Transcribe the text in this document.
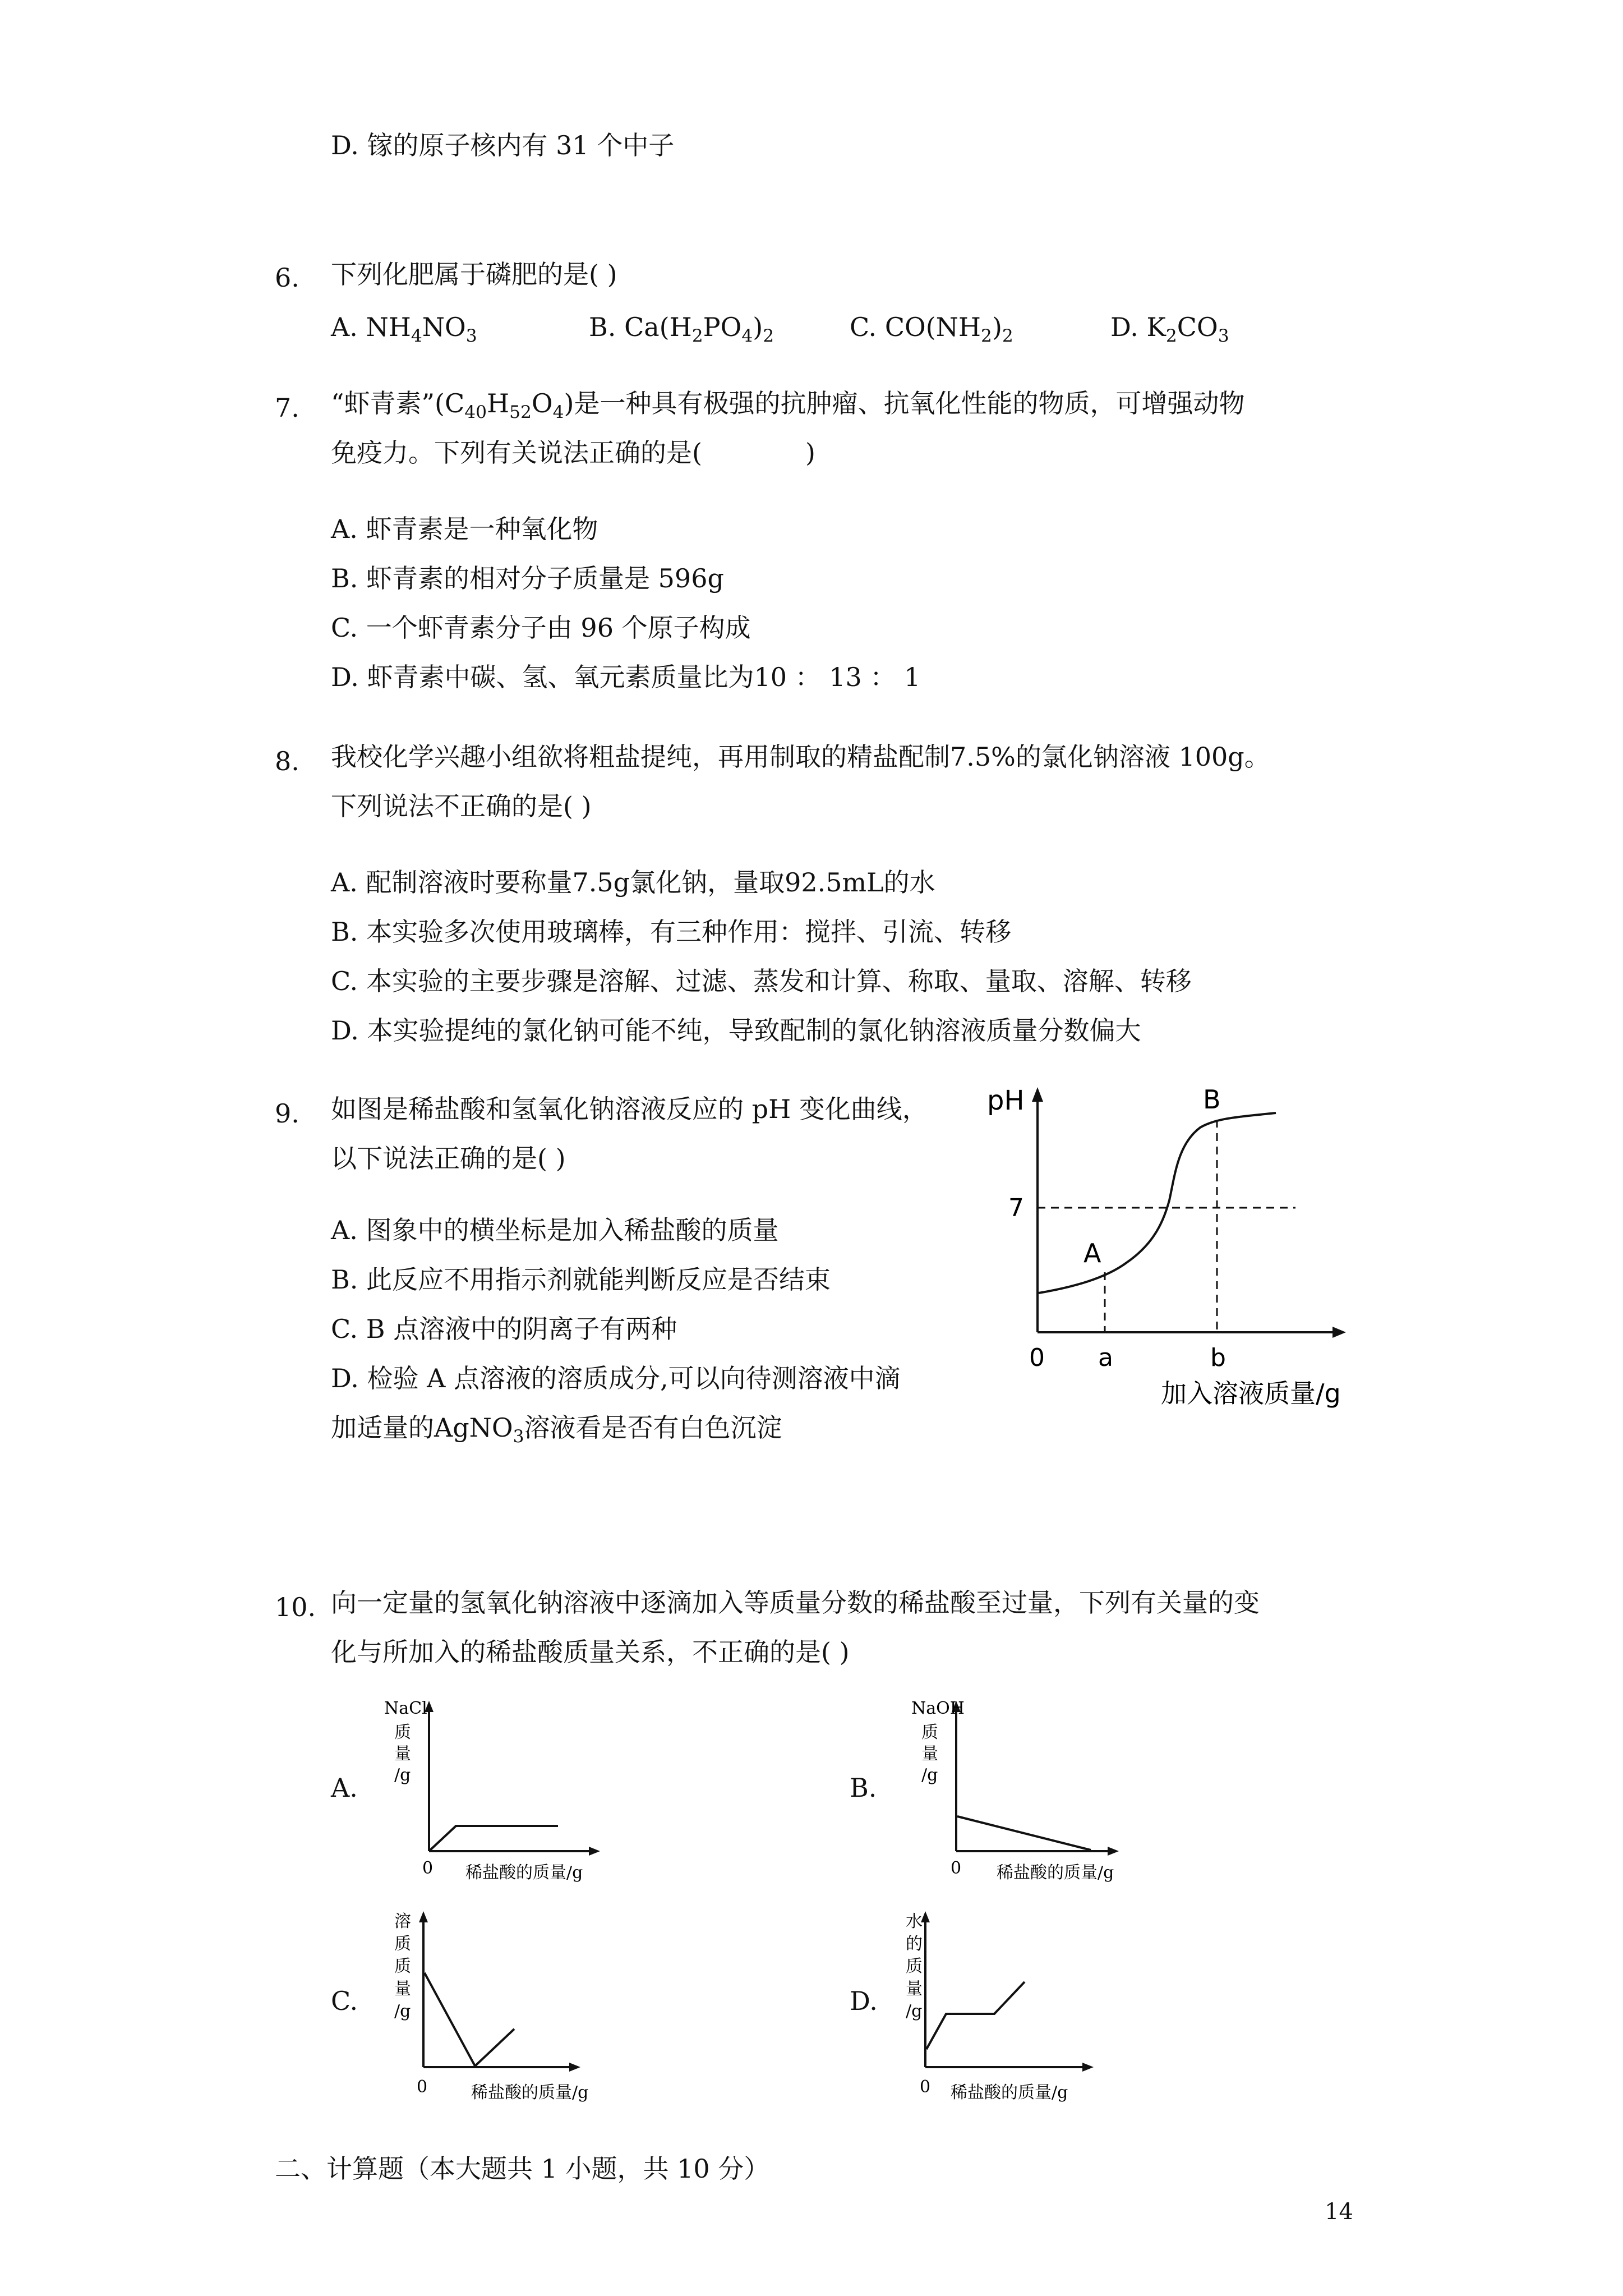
D. 镓的原子核内有 31 个中子
6. 下列化肥属于磷肥的是( )
A. $NH_4NO_3$	B. $Ca(H_2PO_4)_2$	C. $CO(NH_2)_2$	D. $K_2CO_3$
7. “虾青素$”(C_{40}H_{52}O_4)$是一种具有极强的抗肿瘤、抗氧化性能的物质，可增强动物
免疫力。下列有关说法正确的是(　　　　)
A. 虾青素是一种氧化物
B. 虾青素的相对分子质量是 596g
C. 一个虾青素分子由 96 个原子构成
D. 虾青素中碳、氢、氧元素质量比为10 ： 13 ： 1
8. 我校化学兴趣小组欲将粗盐提纯，再用制取的精盐配制7.5%的氯化钠溶液 100g。
下列说法不正确的是( )
A. 配制溶液时要称量7.5g氯化钠，量取92.5mL的水
B. 本实验多次使用玻璃棒，有三种作用：搅拌、引流、转移
C. 本实验的主要步骤是溶解、过滤、蒸发和计算、称取、量取、溶解、转移
D. 本实验提纯的氯化钠可能不纯，导致配制的氯化钠溶液质量分数偏大
9. 如图是稀盐酸和氢氧化钠溶液反应的 pH 变化曲线，
以下说法正确的是( )
A. 图象中的横坐标是加入稀盐酸的质量
B. 此反应不用指示剂就能判断反应是否结束
C. B 点溶液中的阴离子有两种
D. 检验 A 点溶液的溶质成分,可以向待测溶液中滴
加适量的AgNO$_3$溶液看是否有白色沉淀
pH
7
0 a	b
A
B
加入溶液质量/g
10. 向一定量的氢氧化钠溶液中逐滴加入等质量分数的稀盐酸至过量，下列有关量的变
化与所加入的稀盐酸质量关系，不正确的是( )
A.	B.
C.	D.
NaCl
质
量
/g
0 稀盐酸的质量/g
NaOH
质
量
/g
0 稀盐酸的质量/g
溶
质
质
量
/g
0	稀盐酸的质量/g
水
的
质
量
/g
0 稀盐酸的质量/g
二、计算题（本大题共 1 小题，共 10 分）
14
